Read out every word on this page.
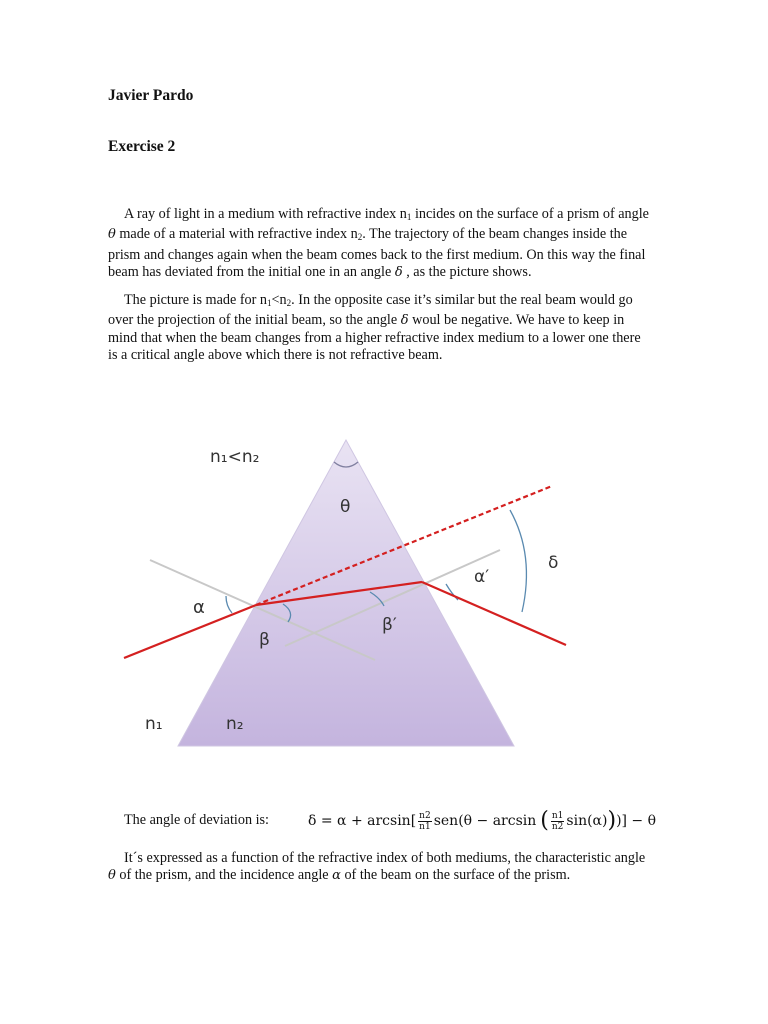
Javier Pardo
Exercise 2

A ray of light in a medium with refractive index $n_1$ incides on the surface of a prism of angle θ made of a material with refractive index $n_2$. The trajectory of the beam changes inside the prism and changes again when the beam comes back to the first medium. On this way the final beam has deviated from the initial one in an angle δ , as the picture shows.

The picture is made for $n_1<n_2$. In the opposite case it’s similar but the real beam would go over the projection of the initial beam, so the angle δ woul be negative. We have to keep in mind that when the beam changes from a higher refractive index medium to a lower one there is a critical angle above which there is not refractive beam.

n₁<n₂
θ
δ
α′
α
β′
β
n₁	n₂
The angle of deviation is:	$\delta = \alpha + \arcsin[ \frac{n2}{n1} sen(\theta - \arcsin$ ( $\frac{n1}{n2} \sin(\alpha)$ ) )] − θ

It´s expressed as a function of the refractive index of both mediums, the characteristic angle θ of the prism, and the incidence angle α of the beam on the surface of the prism.
